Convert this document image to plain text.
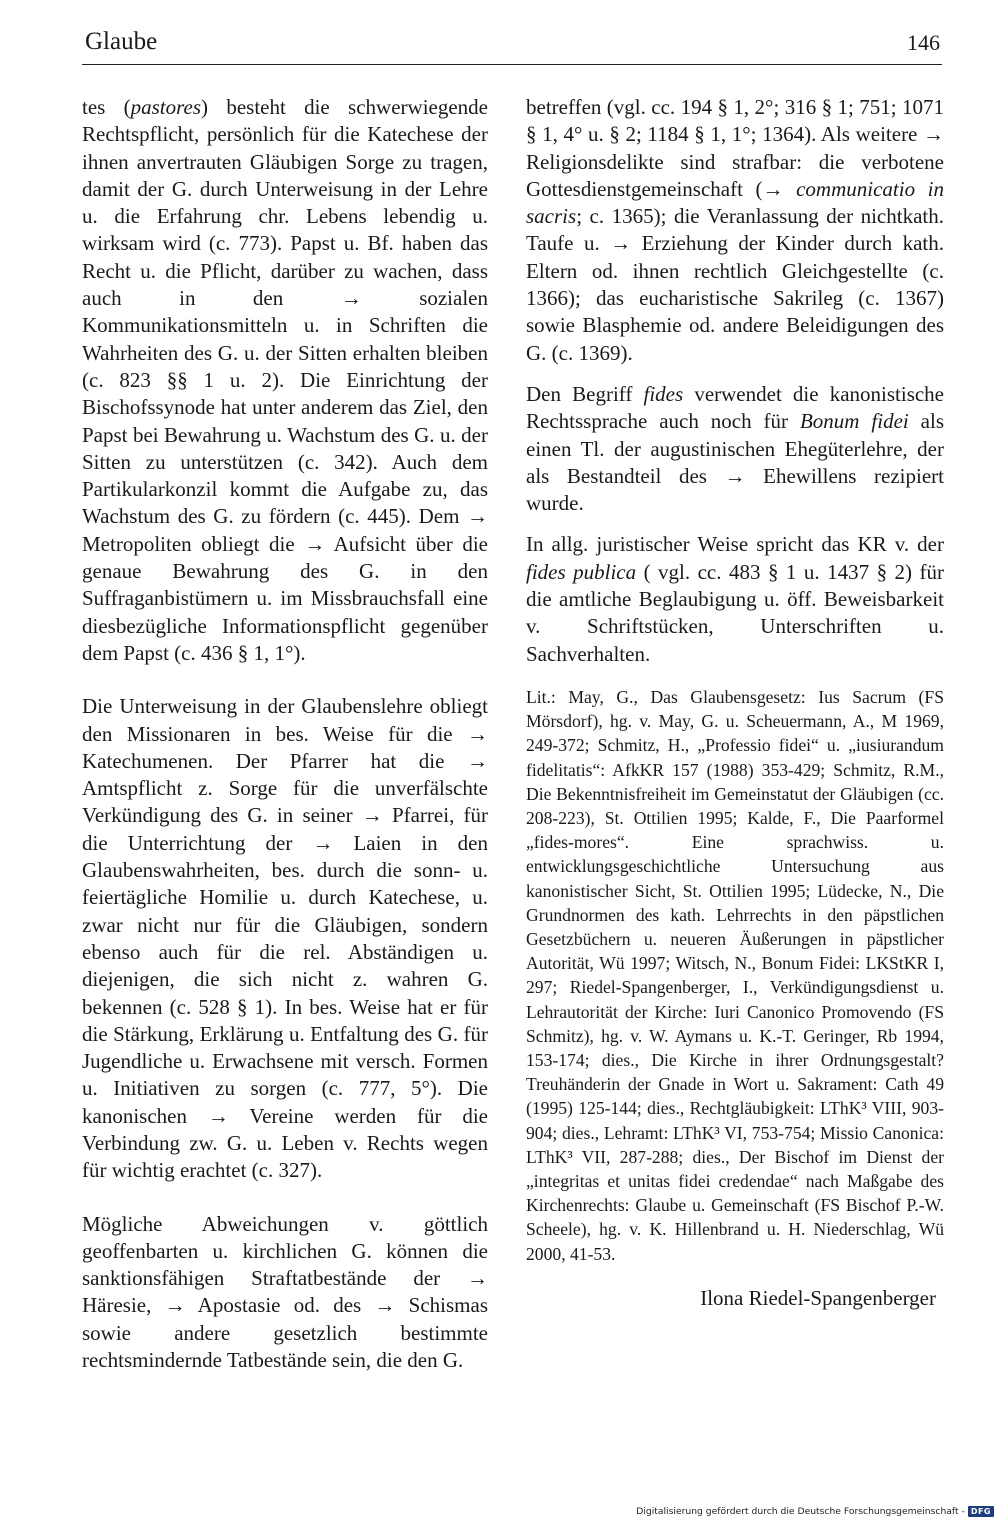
Glaube	146

tes (pastores) besteht die schwerwiegende Rechtspflicht, persönlich für die Katechese der ihnen anvertrauten Gläubigen Sorge zu tragen, damit der G. durch Unterweisung in der Lehre u. die Erfahrung chr. Lebens lebendig u. wirksam wird (c. 773). Papst u. Bf. haben das Recht u. die Pflicht, darüber zu wachen, dass auch in den → sozialen Kommunikationsmitteln u. in Schriften die Wahrheiten des G. u. der Sitten erhalten bleiben (c. 823 §§ 1 u. 2). Die Einrichtung der Bischofssynode hat unter anderem das Ziel, den Papst bei Bewahrung u. Wachstum des G. u. der Sitten zu unterstützen (c. 342). Auch dem Partikularkonzil kommt die Aufgabe zu, das Wachstum des G. zu fördern (c. 445). Dem → Metropoliten obliegt die → Aufsicht über die genaue Bewahrung des G. in den Suffraganbistümern u. im Missbrauchsfall eine diesbezügliche Informationspflicht gegenüber dem Papst (c. 436 § 1, 1°).

Die Unterweisung in der Glaubenslehre obliegt den Missionaren in bes. Weise für die → Katechumenen. Der Pfarrer hat die → Amtspflicht z. Sorge für die unverfälschte Verkündigung des G. in seiner → Pfarrei, für die Unterrichtung der → Laien in den Glaubenswahrheiten, bes. durch die sonn- u. feiertägliche Homilie u. durch Katechese, u. zwar nicht nur für die Gläubigen, sondern ebenso auch für die rel. Abständigen u. diejenigen, die sich nicht z. wahren G. bekennen (c. 528 § 1). In bes. Weise hat er für die Stärkung, Erklärung u. Entfaltung des G. für Jugendliche u. Erwachsene mit versch. Formen u. Initiativen zu sorgen (c. 777, 5°). Die kanonischen → Vereine werden für die Verbindung zw. G. u. Leben v. Rechts wegen für wichtig erachtet (c. 327).

Mögliche Abweichungen v. göttlich geoffenbarten u. kirchlichen G. können die sanktionsfähigen Straftatbestände der → Häresie, → Apostasie od. des → Schismas sowie andere gesetzlich bestimmte rechtsmindernde Tatbestände sein, die den G.

betreffen (vgl. cc. 194 § 1, 2°; 316 § 1; 751; 1071 § 1, 4° u. § 2; 1184 § 1, 1°; 1364). Als weitere → Religionsdelikte sind strafbar: die verbotene Gottesdienstgemeinschaft (→ communicatio in sacris; c. 1365); die Veranlassung der nichtkath. Taufe u. → Erziehung der Kinder durch kath. Eltern od. ihnen rechtlich Gleichgestellte (c. 1366); das eucharistische Sakrileg (c. 1367) sowie Blasphemie od. andere Beleidigungen des G. (c. 1369).

Den Begriff fides verwendet die kanonistische Rechtssprache auch noch für Bonum fidei als einen Tl. der augustinischen Ehegüterlehre, der als Bestandteil des → Ehewillens rezipiert wurde.

In allg. juristischer Weise spricht das KR v. der fides publica ( vgl. cc. 483 § 1 u. 1437 § 2) für die amtliche Beglaubigung u. öff. Beweisbarkeit v. Schriftstücken, Unterschriften u. Sachverhalten.

Lit.: May, G., Das Glaubensgesetz: Ius Sacrum (FS Mörsdorf), hg. v. May, G. u. Scheuermann, A., M 1969, 249-372; Schmitz, H., „Professio fidei“ u. „iusiurandum fidelitatis“: AfkKR 157 (1988) 353-429; Schmitz, R.M., Die Bekenntnisfreiheit im Gemeinstatut der Gläubigen (cc. 208-223), St. Ottilien 1995; Kalde, F., Die Paarformel „fides-mores“. Eine sprachwiss. u. entwicklungsgeschichtliche Untersuchung aus kanonistischer Sicht, St. Ottilien 1995; Lüdecke, N., Die Grundnormen des kath. Lehrrechts in den päpstlichen Gesetzbüchern u. neueren Äußerungen in päpstlicher Autorität, Wü 1997; Witsch, N., Bonum Fidei: LKStKR I, 297; Riedel-Spangenberger, I., Verkündigungsdienst u. Lehrautorität der Kirche: Iuri Canonico Promovendo (FS Schmitz), hg. v. W. Aymans u. K.-T. Geringer, Rb 1994, 153-174; dies., Die Kirche in ihrer Ordnungsgestalt? Treuhänderin der Gnade in Wort u. Sakrament: Cath 49 (1995) 125-144; dies., Rechtgläubigkeit: LThK³ VIII, 903-904; dies., Lehramt: LThK³ VI, 753-754; Missio Canonica: LThK³ VII, 287-288; dies., Der Bischof im Dienst der „integritas et unitas fidei credendae“ nach Maßgabe des Kirchenrechts: Glaube u. Gemeinschaft (FS Bischof P.-W. Scheele), hg. v. K. Hillenbrand u. H. Niederschlag, Wü 2000, 41-53.
Ilona Riedel-Spangenberger
Digitalisierung gefördert durch die Deutsche Forschungsgemeinschaft - DFG
